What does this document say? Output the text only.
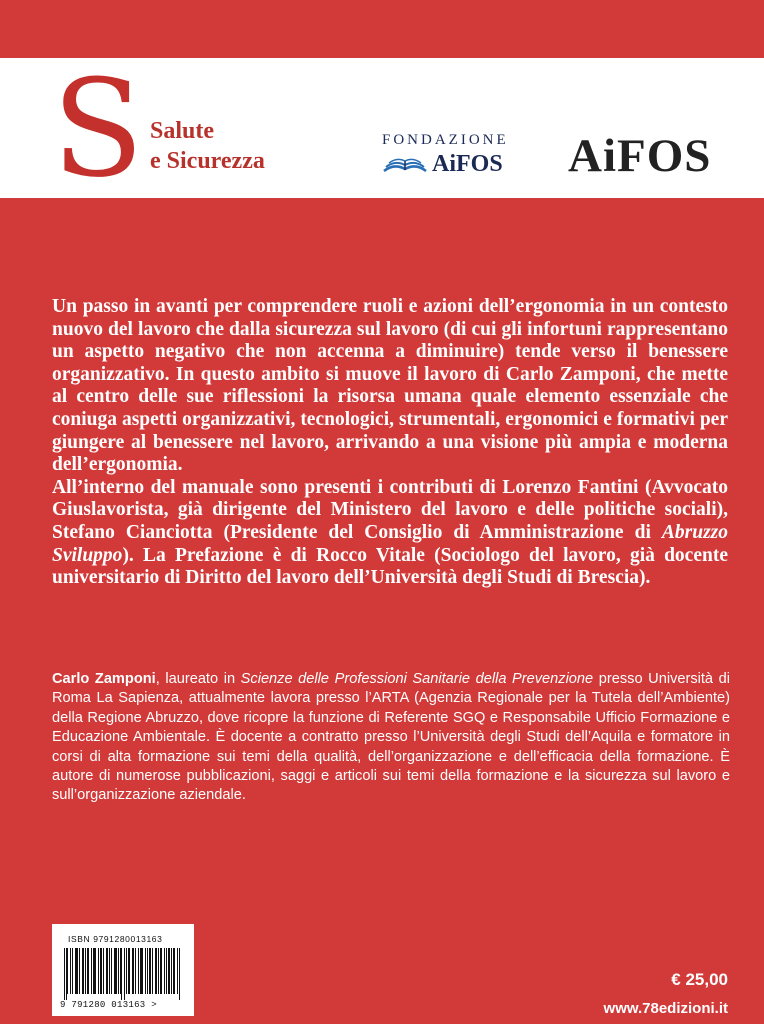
S Salute
e Sicurezza
FONDAZIONE
AiFOS AiFOS

Un passo in avanti per comprendere ruoli e azioni dell’ergonomia in un contesto nuovo del lavoro che dalla sicurezza sul lavoro (di cui gli infortuni rappresentano un aspetto negativo che non accenna a diminuire) tende verso il benessere organizzativo. In questo ambito si muove il lavoro di Carlo Zamponi, che mette al centro delle sue riflessioni la risorsa umana quale elemento essenziale che coniuga aspetti organizzativi, tecnologici, strumentali, ergonomici e formativi per giungere al benessere nel lavoro, arrivando a una visione più ampia e moderna dell’ergonomia.

All’interno del manuale sono presenti i contributi di Lorenzo Fantini (Avvocato Giuslavorista, già dirigente del Ministero del lavoro e delle politiche sociali), Stefano Cianciotta (Presidente del Consiglio di Amministrazione di Abruzzo Sviluppo). La Prefazione è di Rocco Vitale (Sociologo del lavoro, già docente universitario di Diritto del lavoro dell’Università degli Studi di Brescia).

Carlo Zamponi, laureato in Scienze delle Professioni Sanitarie della Prevenzione presso Università di Roma La Sapienza, attualmente lavora presso l’ARTA (Agenzia Regionale per la Tutela dell’Ambiente) della Regione Abruzzo, dove ricopre la funzione di Referente SGQ e Responsabile Ufficio Formazione e Educazione Ambientale. È docente a contratto presso l’Università degli Studi dell’Aquila e formatore in corsi di alta formazione sui temi della qualità, dell’organizzazione e dell’efficacia della formazione. È autore di numerose pubblicazioni, saggi e articoli sui temi della formazione e la sicurezza sul lavoro e sull’organizzazione aziendale.

ISBN 9791280013163
9 791280 013163 >
€ 25,00
www.78edizioni.it
